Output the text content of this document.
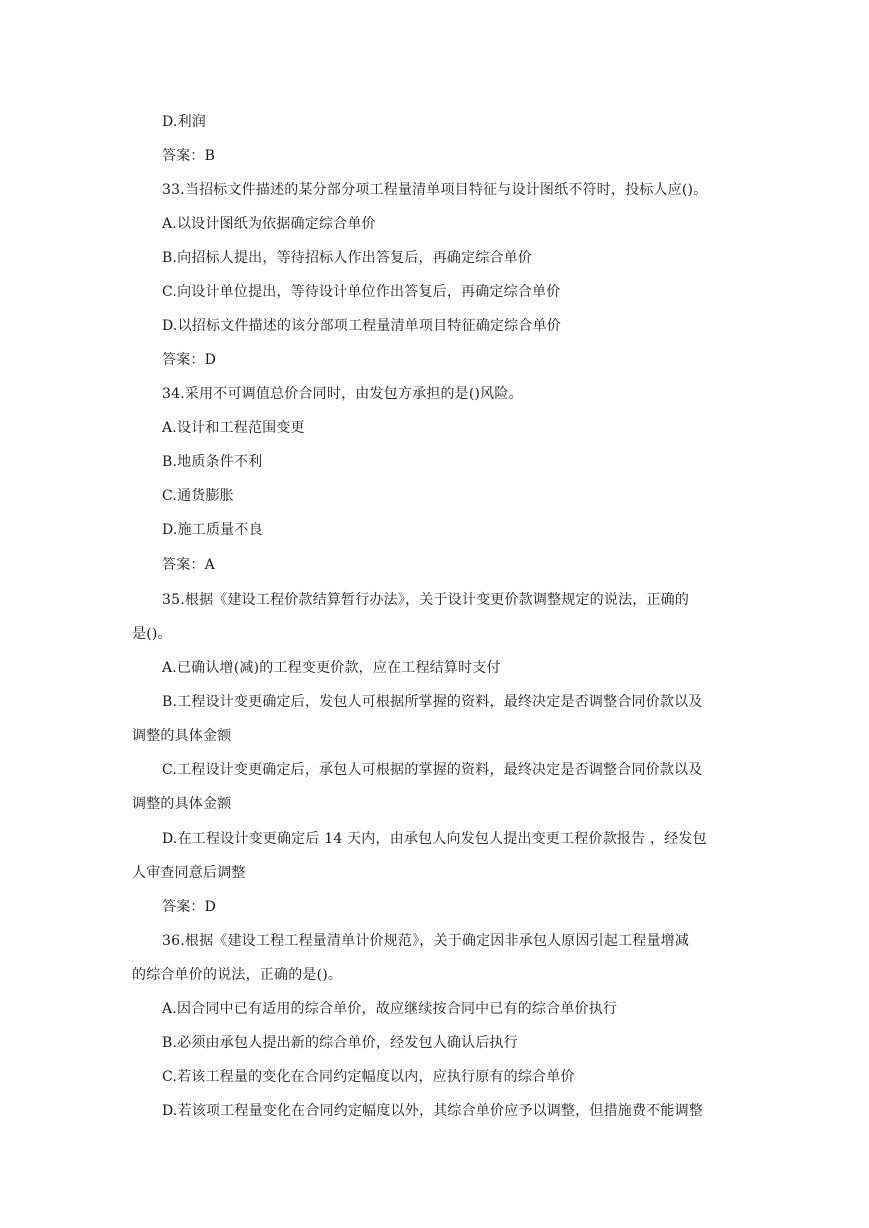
D.利润
答案：B
33.当招标文件描述的某分部分项工程量清单项目特征与设计图纸不符时，投标人应()。
A.以设计图纸为依据确定综合单价
B.向招标人提出，等待招标人作出答复后，再确定综合单价
C.向设计单位提出，等待设计单位作出答复后，再确定综合单价
D.以招标文件描述的该分部项工程量清单项目特征确定综合单价
答案：D
34.采用不可调值总价合同时，由发包方承担的是()风险。
A.设计和工程范围变更
B.地质条件不利
C.通货膨胀
D.施工质量不良
答案：A
35.根据《建设工程价款结算暂行办法》，关于设计变更价款调整规定的说法，正确的
是()。
A.已确认增(减)的工程变更价款，应在工程结算时支付
B.工程设计变更确定后，发包人可根据所掌握的资料，最终决定是否调整合同价款以及
调整的具体金额
C.工程设计变更确定后，承包人可根据的掌握的资料，最终决定是否调整合同价款以及
调整的具体金额
D.在工程设计变更确定后 14 天内，由承包人向发包人提出变更工程价款报告 ，经发包
人审查同意后调整
答案：D
36.根据《建设工程工程量清单计价规范》，关于确定因非承包人原因引起工程量增减
的综合单价的说法，正确的是()。
A.因合同中已有适用的综合单价，故应继续按合同中已有的综合单价执行
B.必须由承包人提出新的综合单价，经发包人确认后执行
C.若该工程量的变化在合同约定幅度以内，应执行原有的综合单价
D.若该项工程量变化在合同约定幅度以外，其综合单价应予以调整，但措施费不能调整
